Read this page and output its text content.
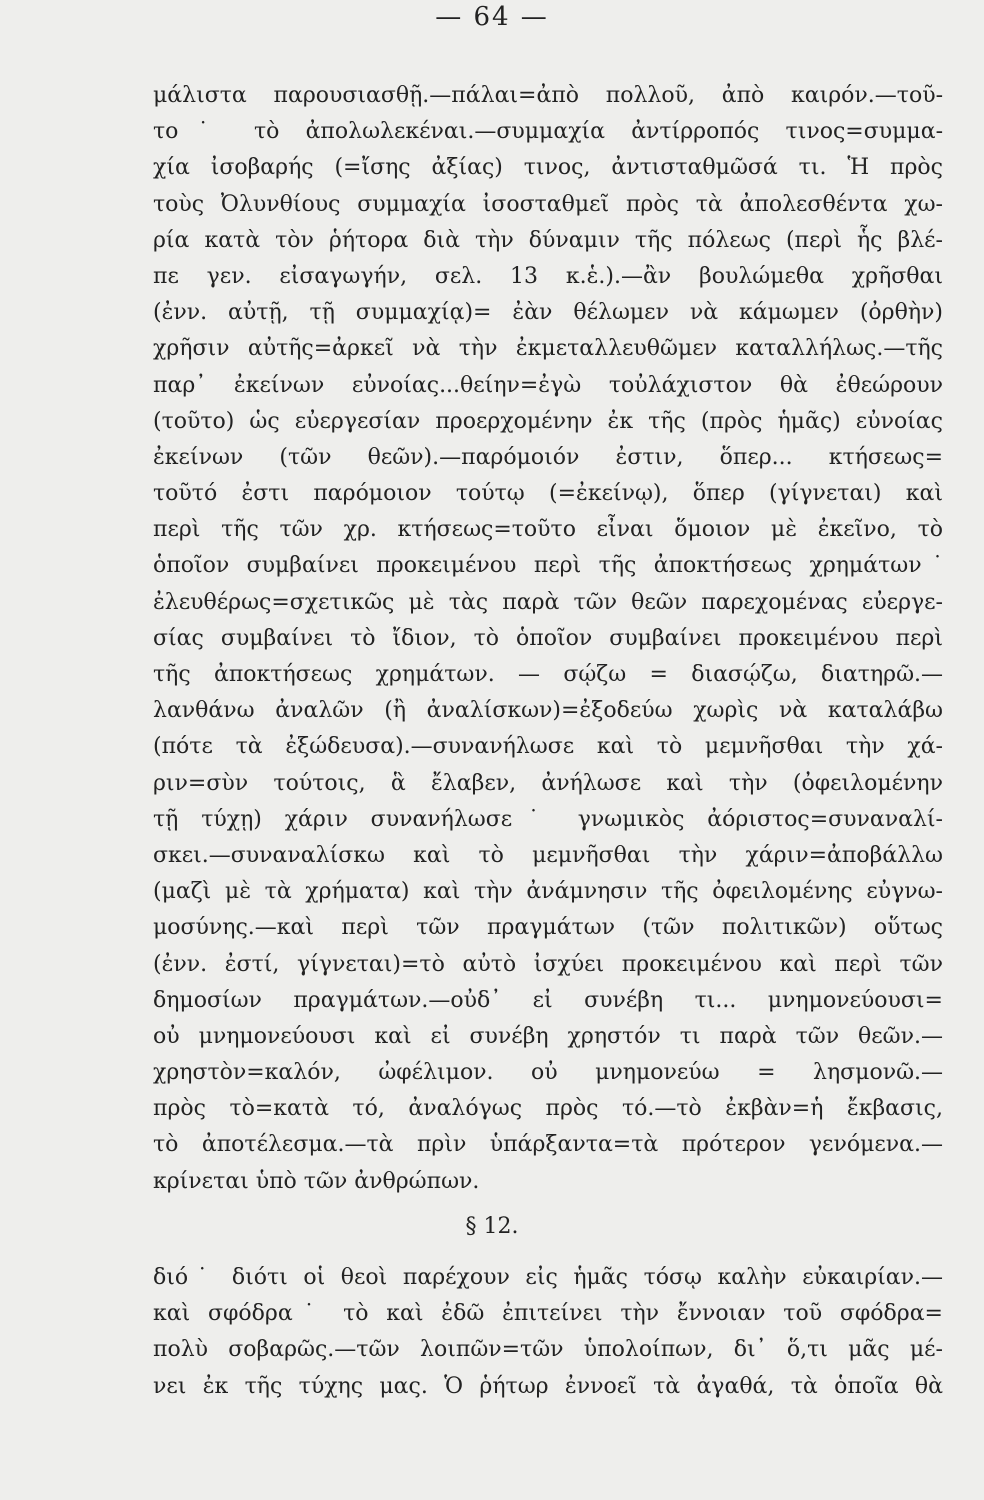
— 64 —
μάλιστα παρουσιασθῇ.—πάλαι=ἀπὸ πολλοῦ, ἀπὸ καιρόν.—τοῦ-
το˙ τὸ ἀπολωλεκέναι.—συμμαχία ἀντίρροπός τινος=συμμα-
χία ἰσοβαρής (=ἴσης ἀξίας) τινος, ἀντισταθμῶσά τι. Ἡ πρὸς
τοὺς Ὀλυνθίους συμμαχία ἰσοσταθμεῖ πρὸς τὰ ἀπολεσθέντα χω-
ρία κατὰ τὸν ῥήτορα διὰ τὴν δύναμιν τῆς πόλεως (περὶ ἧς βλέ-
πε γεν. εἰσαγωγήν, σελ. 13 κ.ἑ.).—ἂν βουλώμεθα χρῆσθαι
(ἐνν. αὐτῇ, τῇ συμμαχίᾳ)= ἐὰν θέλωμεν νὰ κάμωμεν (ὀρθὴν)
χρῆσιν αὐτῆς=ἀρκεῖ νὰ τὴν ἐκμεταλλευθῶμεν καταλλήλως.—τῆς
παρ᾿ ἐκείνων εὐνοίας...θείην=ἐγὼ τοὐλάχιστον θὰ ἐθεώρουν
(τοῦτο) ὡς εὐεργεσίαν προερχομένην ἐκ τῆς (πρὸς ἡμᾶς) εὐνοίας
ἐκείνων (τῶν θεῶν).—παρόμοιόν ἐστιν, ὅπερ... κτήσεως=
τοῦτό ἐστι παρόμοιον τούτῳ (=ἐκείνῳ), ὅπερ (γίγνεται) καὶ
περὶ τῆς τῶν χρ. κτήσεως=τοῦτο εἶναι ὅμοιον μὲ ἐκεῖνο, τὸ
ὁποῖον συμβαίνει προκειμένου περὶ τῆς ἀποκτήσεως χρημάτων˙
ἐλευθέρως=σχετικῶς μὲ τὰς παρὰ τῶν θεῶν παρεχομένας εὐεργε-
σίας συμβαίνει τὸ ἴδιον, τὸ ὁποῖον συμβαίνει προκειμένου περὶ
τῆς ἀποκτήσεως χρημάτων. — σῴζω = διασῴζω, διατηρῶ.—
λανθάνω ἀναλῶν (ἢ ἀναλίσκων)=ἐξοδεύω χωρὶς νὰ καταλάβω
(πότε τὰ ἐξώδευσα).—συνανήλωσε καὶ τὸ μεμνῆσθαι τὴν χά-
ριν=σὺν τούτοις, ἃ ἔλαβεν, ἀνήλωσε καὶ τὴν (ὀφειλομένην
τῇ τύχῃ) χάριν συνανήλωσε˙ γνωμικὸς ἀόριστος=συναναλί-
σκει.—συναναλίσκω καὶ τὸ μεμνῆσθαι τὴν χάριν=ἀποβάλλω
(μαζὶ μὲ τὰ χρήματα) καὶ τὴν ἀνάμνησιν τῆς ὀφειλομένης εὐγνω-
μοσύνης.—καὶ περὶ τῶν πραγμάτων (τῶν πολιτικῶν) οὕτως
(ἐνν. ἐστί, γίγνεται)=τὸ αὐτὸ ἰσχύει προκειμένου καὶ περὶ τῶν
δημοσίων πραγμάτων.—οὐδ᾿ εἰ συνέβη τι... μνημονεύουσι=
οὐ μνημονεύουσι καὶ εἰ συνέβη χρηστόν τι παρὰ τῶν θεῶν.—
χρηστὸν=καλόν, ὠφέλιμον. οὐ μνημονεύω = λησμονῶ.—
πρὸς τὸ=κατὰ τό, ἀναλόγως πρὸς τό.—τὸ ἐκβὰν=ἡ ἔκβασις,
τὸ ἀποτέλεσμα.—τὰ πρὶν ὑπάρξαντα=τὰ πρότερον γενόμενα.—
κρίνεται ὑπὸ τῶν ἀνθρώπων.
§ 12.
διό˙ διότι οἱ θεοὶ παρέχουν εἰς ἡμᾶς τόσῳ καλὴν εὐκαιρίαν.—
καὶ σφόδρα˙ τὸ καὶ ἐδῶ ἐπιτείνει τὴν ἔννοιαν τοῦ σφόδρα=
πολὺ σοβαρῶς.—τῶν λοιπῶν=τῶν ὑπολοίπων, δι᾿ ὅ,τι μᾶς μέ-
νει ἐκ τῆς τύχης μας. Ὁ ῥήτωρ ἐννοεῖ τὰ ἀγαθά, τὰ ὁποῖα θὰ
